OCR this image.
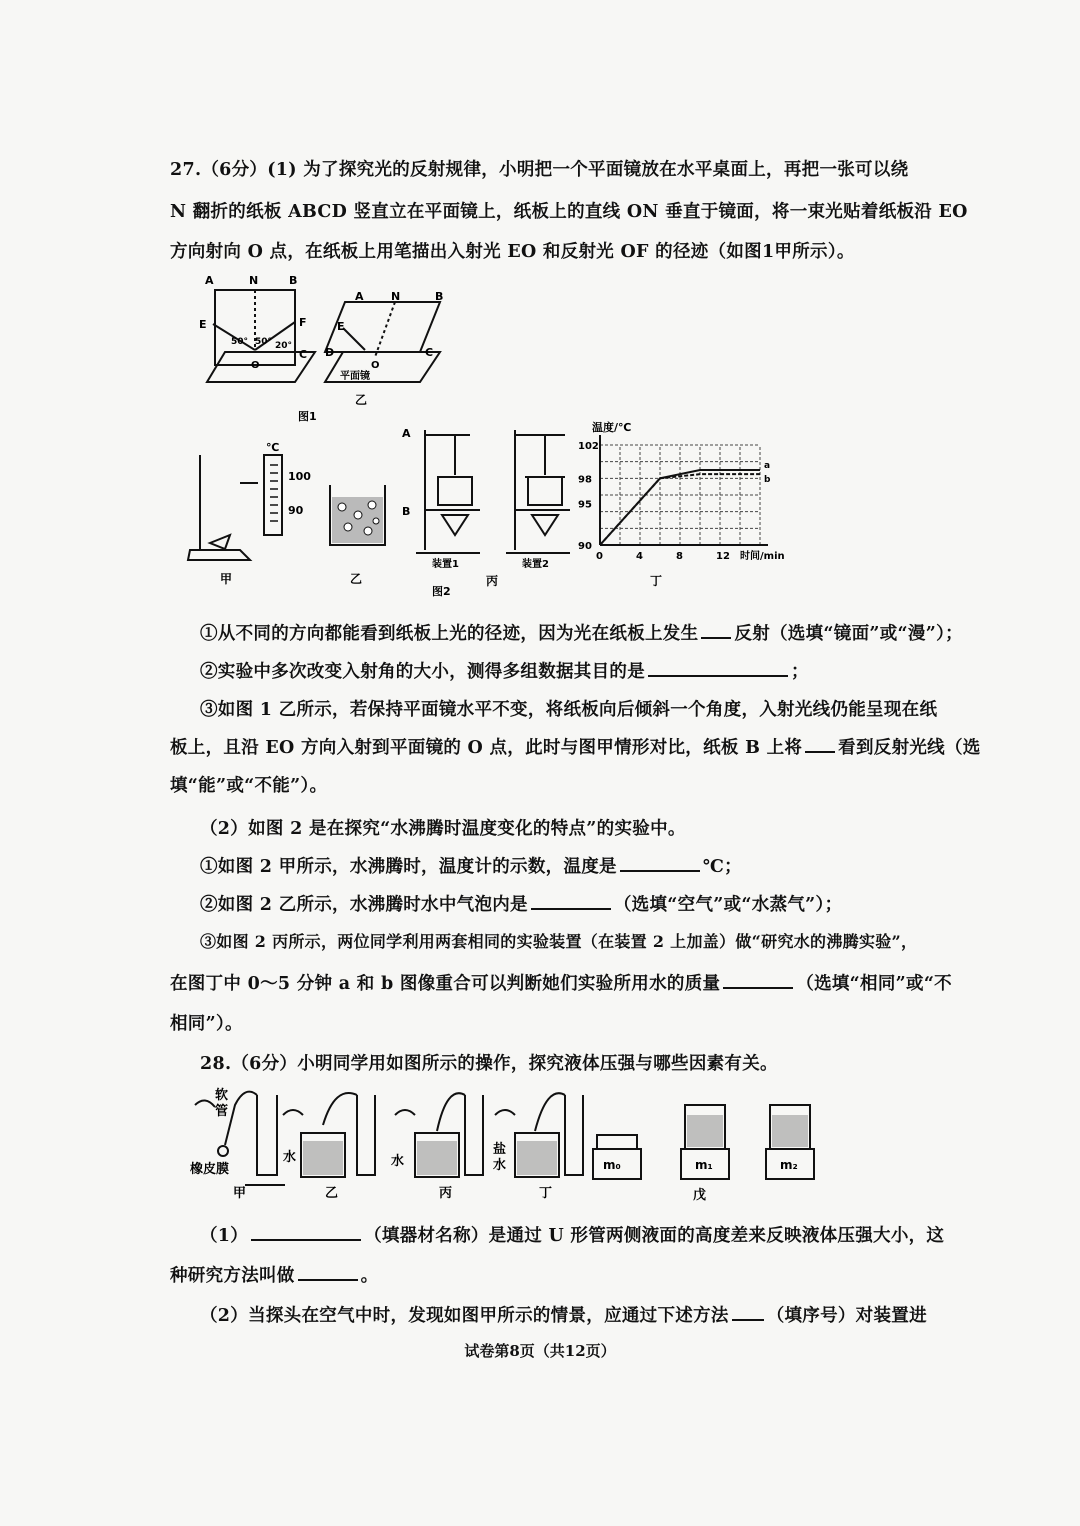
27.（6分）(1) 为了探究光的反射规律，小明把一个平面镜放在水平桌面上，再把一张可以绕
N 翻折的纸板 ABCD 竖直立在平面镜上，纸板上的直线 ON 垂直于镜面，将一束光贴着纸板沿 EO
方向射向 O 点，在纸板上用笔描出入射光 EO 和反射光 OF 的径迹（如图1甲所示）。
A	N	B
E	F
C
O
50° 50° 20°
图1
A N	B
E
D	C
O
平面镜
乙
℃
100
90
甲	乙
A
B
装置1	装置2
丙
图2
0	4	8	12
90
95
98
102
温度/℃
时间/min
a
b
丁
①从不同的方向都能看到纸板上光的径迹，因为光在纸板上发生 反射（选填“镜面”或“漫”）；
②实验中多次改变入射角的大小，测得多组数据其目的是	；
③如图 1 乙所示，若保持平面镜水平不变，将纸板向后倾斜一个角度，入射光线仍能呈现在纸
板上，且沿 EO 方向入射到平面镜的 O 点，此时与图甲情形对比，纸板 B 上将 看到反射光线（选
填“能”或“不能”）。
（2）如图 2 是在探究“水沸腾时温度变化的特点”的实验中。
①如图 2 甲所示，水沸腾时，温度计的示数，温度是	℃；
②如图 2 乙所示，水沸腾时水中气泡内是	（选填“空气”或“水蒸气”）；
③如图 2 丙所示，两位同学利用两套相同的实验装置（在装置 2 上加盖）做“研究水的沸腾实验”，
在图丁中 0～5 分钟 a 和 b 图像重合可以判断她们实验所用水的质量	（选填“相同”或“不
相同”）。
28.（6分）小明同学用如图所示的操作，探究液体压强与哪些因素有关。
软
管
橡皮膜
甲
水
乙
水
丙
盐
水
丁
m₀	m₁	m₂
戊
（1）	（填器材名称）是通过 U 形管两侧液面的高度差来反映液体压强大小，这
种研究方法叫做	。
（2）当探头在空气中时，发现如图甲所示的情景，应通过下述方法 （填序号）对装置进
试卷第8页（共12页）
